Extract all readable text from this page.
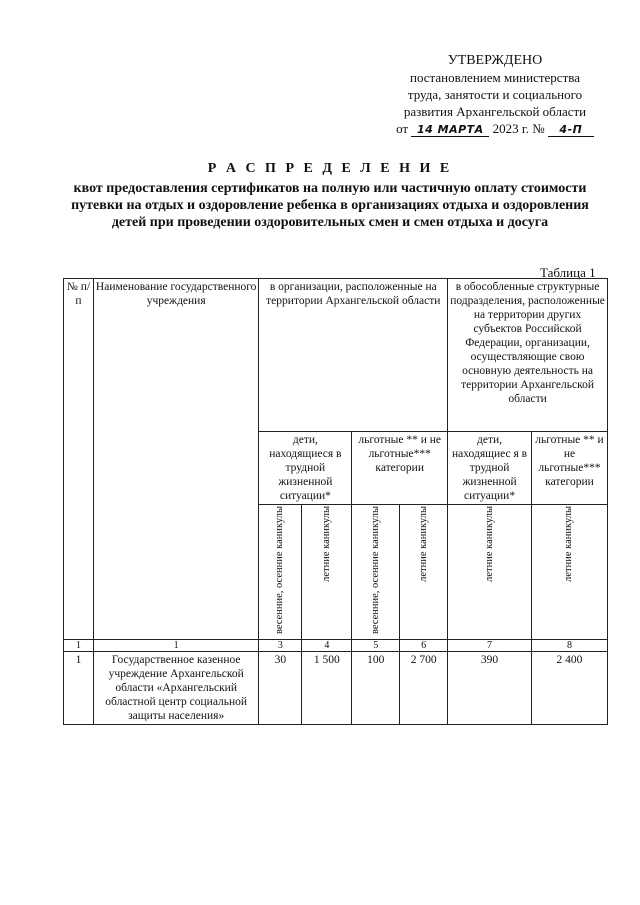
УТВЕРЖДЕНО
постановлением министерства
труда, занятости и социального
развития Архангельской области
от 14 МАРТА 2023 г. № 4-П
Р А С П Р Е Д Е Л Е Н И Е
квот предоставления сертификатов на полную или частичную оплату стоимости путевки на отдых и оздоровление ребенка в организациях отдыха и оздоровления детей при проведении оздоровительных смен и смен отдыха и досуга
Таблица 1
№ п/п	Наименование государственного учреждения	в организации, расположенные на территории Архангельской области				в обособленные структурные подразделения, расположенные на территории других субъектов Российской Федерации, организации, осуществляющие свою основную деятельность на территории Архангельской области	
		дети, находящиеся в трудной жизненной ситуации*		льготные ** и не льготные*** категории		дети, находящиес я в трудной жизненной ситуации*	льготные ** и не льготные*** категории
		весенние, осенние каникулы	летние каникулы	весенние, осенние каникулы	летние каникулы	летние каникулы	летние каникулы
1	1	3	4	5	6	7	8
1	Государственное казенное учреждение Архангельской области «Архангельский областной центр социальной защиты населения»	30	1 500	100	2 700	390	2 400
